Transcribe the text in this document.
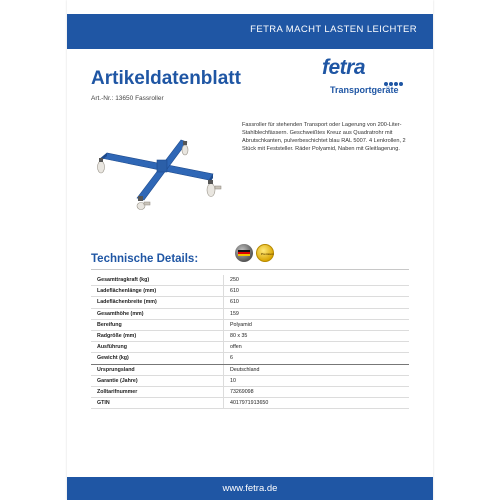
FETRA MACHT LASTEN LEICHTER
Artikeldatenblatt
Art.-Nr.: 13650 Fassroller
fetra
Transportgeräte
Fassroller für stehenden Transport oder Lagerung von 200-Liter-Stahlblechfässern. Geschweißtes Kreuz aus Quadratrohr mit Abrutschkanten, pulverbeschichtet blau RAL 5007. 4 Lenkrollen, 2 Stück mit Feststeller. Räder Polyamid, Naben mit Gleitlagerung.
Technische Details:	Premium
Gesamttragkraft (kg)	250
Ladeflächenlänge (mm)	610
Ladeflächenbreite (mm)	610
Gesamthöhe (mm)	159
Bereifung	Polyamid
Radgröße (mm)	80 x 35
Ausführung	offen
Gewicht (kg)	6
Ursprungsland	Deutschland
Garantie (Jahre)	10
Zolltarifnummer	73269098
GTIN	4017971913650
www.fetra.de
